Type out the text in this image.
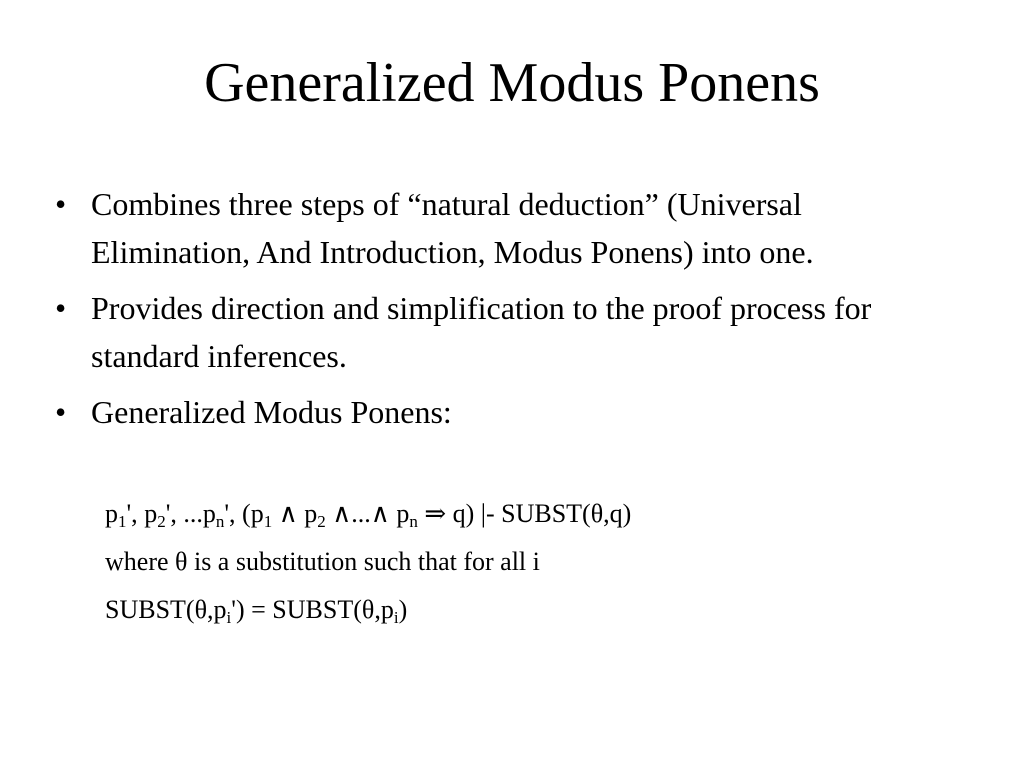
Generalized Modus Ponens
• Combines three steps of “natural deduction” (Universal Elimination, And Introduction, Modus Ponens) into one.
• Provides direction and simplification to the proof process for standard inferences.
• Generalized Modus Ponens:
$p_1'$, $p_2'$, $...p_n'$, ($p_1$ ∧ $p_2$ ∧...∧ $p_n$ ⇒ q) |- SUBST(θ,q)
where θ is a substitution such that for all i
$SUBST(\theta,p_i')$ = $SUBST(\theta,p_i)$
